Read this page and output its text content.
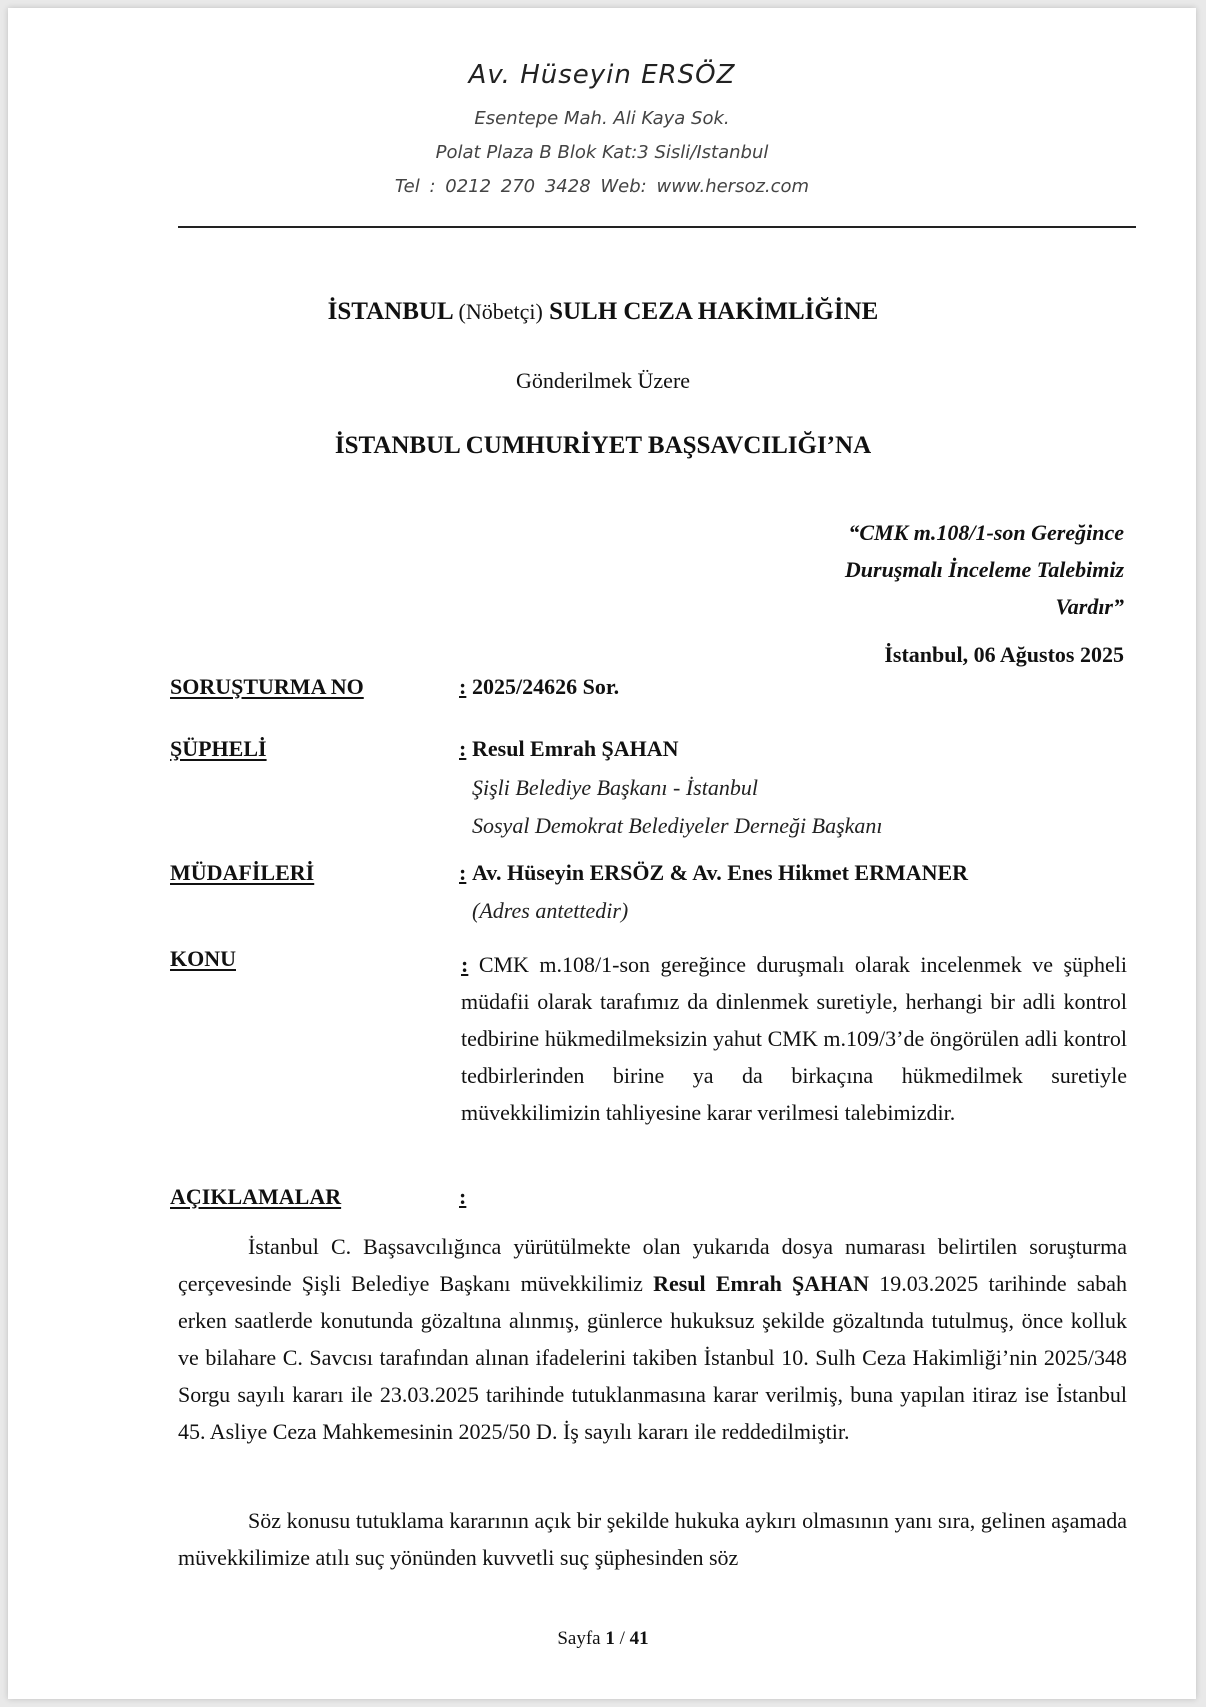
Av. Hüseyin ERSÖZ
Esentepe Mah. Ali Kaya Sok.
Polat Plaza B Blok Kat:3 Sisli/Istanbul
Tel : 0212 270 3428 Web: www.hersoz.com
İSTANBUL (Nöbetçi) SULH CEZA HAKİMLİĞİNE
Gönderilmek Üzere
İSTANBUL CUMHURİYET BAŞSAVCILIĞI’NA
“CMK m.108/1-son Gereğince
Duruşmalı İnceleme Talebimiz
Vardır”
İstanbul, 06 Ağustos 2025
SORUŞTURMA NO	: 2025/24626 Sor.
ŞÜPHELİ	: Resul Emrah ŞAHAN
Şişli Belediye Başkanı - İstanbul
Sosyal Demokrat Belediyeler Derneği Başkanı
MÜDAFİLERİ	: Av. Hüseyin ERSÖZ & Av. Enes Hikmet ERMANER
(Adres antettedir)
KONU	: CMK m.108/1-son gereğince duruşmalı olarak incelenmek ve şüpheli müdafii olarak tarafımız da dinlenmek suretiyle, herhangi bir adli kontrol tedbirine hükmedilmeksizin yahut CMK m.109/3’de öngörülen adli kontrol tedbirlerinden birine ya da birkaçına hükmedilmek suretiyle müvekkilimizin tahliyesine karar verilmesi talebimizdir.
AÇIKLAMALAR	:
İstanbul C. Başsavcılığınca yürütülmekte olan yukarıda dosya numarası belirtilen soruşturma çerçevesinde Şişli Belediye Başkanı müvekkilimiz Resul Emrah ŞAHAN 19.03.2025 tarihinde sabah erken saatlerde konutunda gözaltına alınmış, günlerce hukuksuz şekilde gözaltında tutulmuş, önce kolluk ve bilahare C. Savcısı tarafından alınan ifadelerini takiben İstanbul 10. Sulh Ceza Hakimliği’nin 2025/348 Sorgu sayılı kararı ile 23.03.2025 tarihinde tutuklanmasına karar verilmiş, buna yapılan itiraz ise İstanbul 45. Asliye Ceza Mahkemesinin 2025/50 D. İş sayılı kararı ile reddedilmiştir.
Söz konusu tutuklama kararının açık bir şekilde hukuka aykırı olmasının yanı sıra, gelinen aşamada müvekkilimize atılı suç yönünden kuvvetli suç şüphesinden söz
Sayfa 1 / 41
